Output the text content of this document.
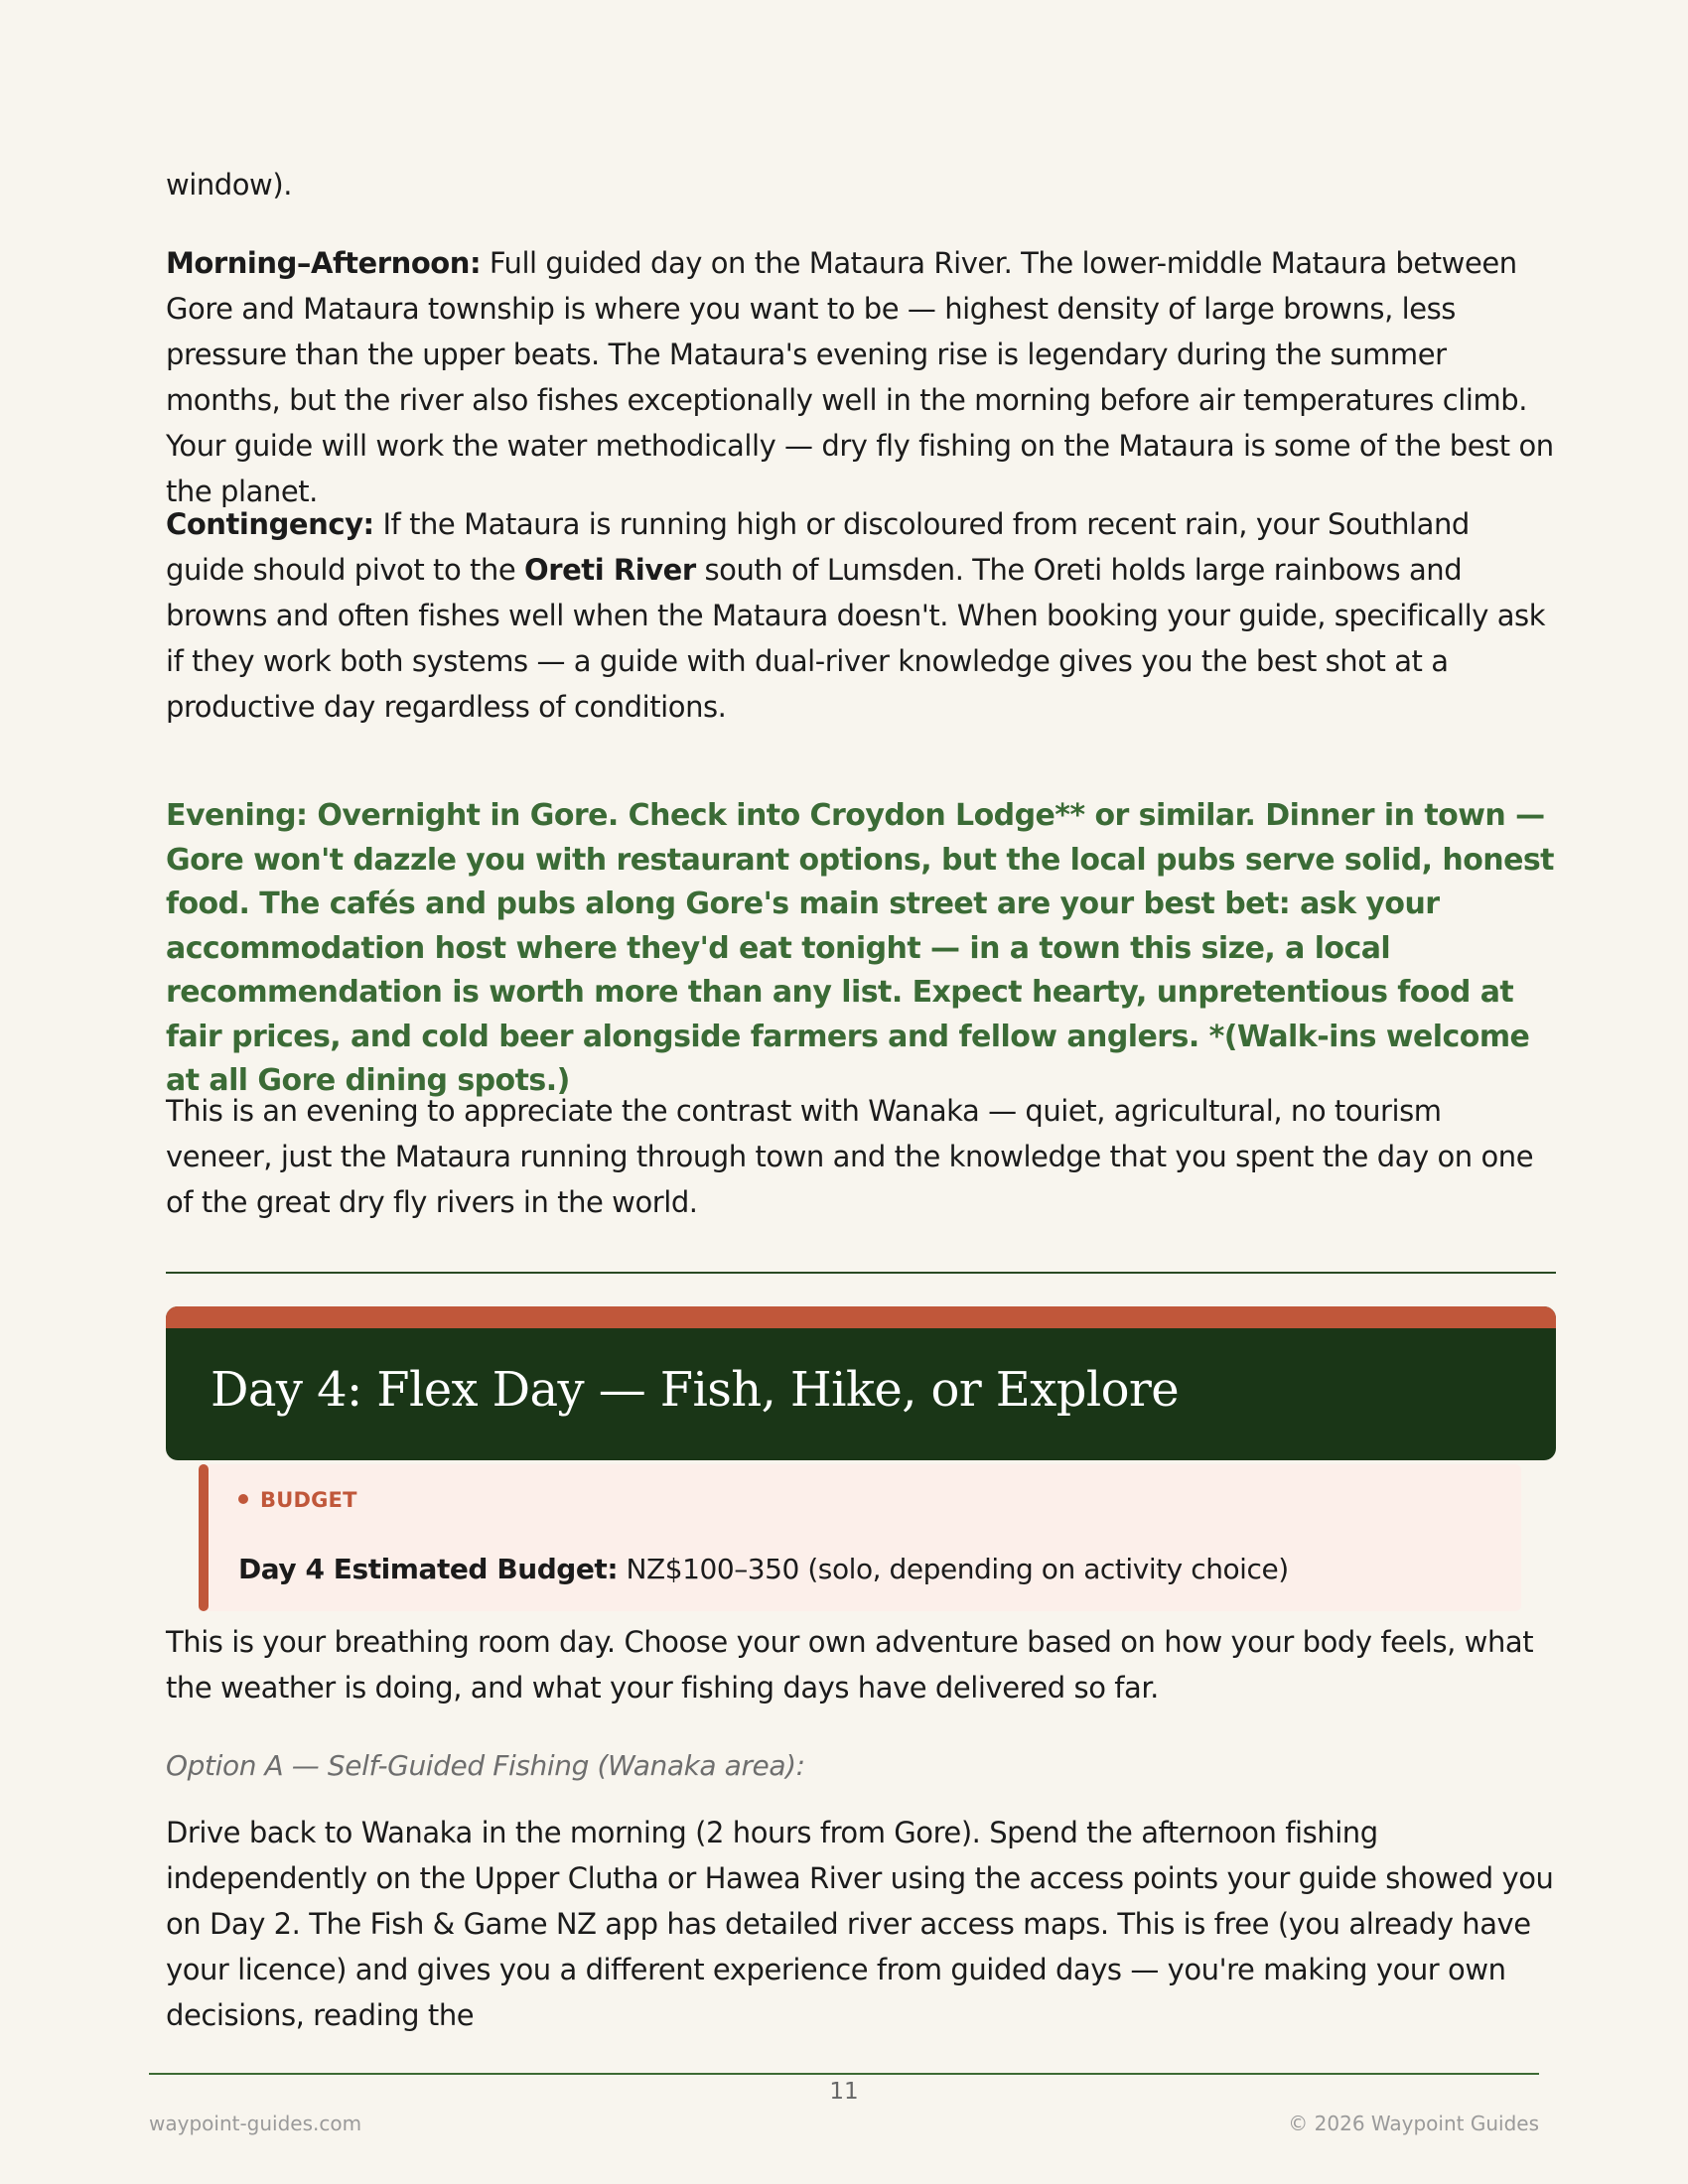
window).

Morning–Afternoon: Full guided day on the Mataura River. The lower-middle Mataura between Gore and Mataura township is where you want to be — highest density of large browns, less pressure than the upper beats. The Mataura's evening rise is legendary during the summer months, but the river also fishes exceptionally well in the morning before air temperatures climb. Your guide will work the water methodically — dry fly fishing on the Mataura is some of the best on the planet.

Contingency: If the Mataura is running high or discoloured from recent rain, your Southland guide should pivot to the Oreti River south of Lumsden. The Oreti holds large rainbows and browns and often fishes well when the Mataura doesn't. When booking your guide, specifically ask if they work both systems — a guide with dual-river knowledge gives you the best shot at a productive day regardless of conditions.

Evening: Overnight in Gore. Check into Croydon Lodge** or similar. Dinner in town — Gore won't dazzle you with restaurant options, but the local pubs serve solid, honest food. The cafés and pubs along Gore's main street are your best bet: ask your accommodation host where they'd eat tonight — in a town this size, a local recommendation is worth more than any list. Expect hearty, unpretentious food at fair prices, and cold beer alongside farmers and fellow anglers. *(Walk-ins welcome at all Gore dining spots.)

This is an evening to appreciate the contrast with Wanaka — quiet, agricultural, no tourism veneer, just the Mataura running through town and the knowledge that you spent the day on one of the great dry fly rivers in the world.

This is your breathing room day. Choose your own adventure based on how your body feels, what the weather is doing, and what your fishing days have delivered so far.

Option A — Self-Guided Fishing (Wanaka area):

Drive back to Wanaka in the morning (2 hours from Gore). Spend the afternoon fishing independently on the Upper Clutha or Hawea River using the access points your guide showed you on Day 2. The Fish & Game NZ app has detailed river access maps. This is free (you already have your licence) and gives you a different experience from guided days — you're making your own decisions, reading the

Day 4: Flex Day — Fish, Hike, or Explore
BUDGET

Day 4 Estimated Budget: NZ$100–350 (solo, depending on activity choice)

11
waypoint-guides.com	© 2026 Waypoint Guides
